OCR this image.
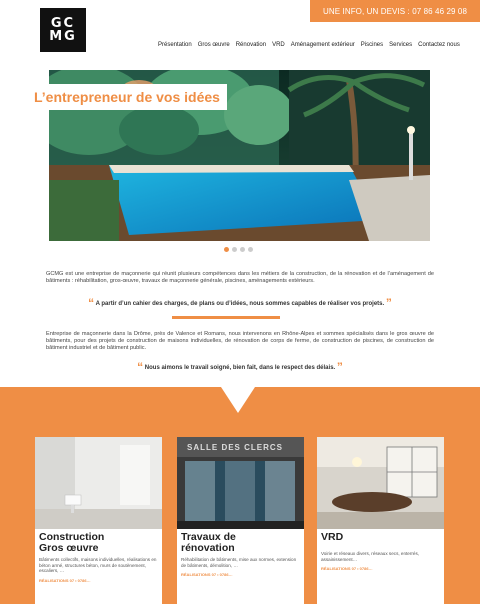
UNE INFO, UN DEVIS : 07 86 46 29 08
GC
MG
Présentation Gros œuvre Rénovation VRD Aménagement extérieur Piscines Services Contactez nous
L’entrepreneur de vos idées

GCMG est une entreprise de maçonnerie qui réunit plusieurs compétences dans les métiers de la construction, de la rénovation et de l’aménagement de bâtiments : réhabilitation, gros-œuvre, travaux de maçonnerie générale, piscines, aménagements extérieurs.

“ A partir d’un cahier des charges, de plans ou d’idées, nous sommes capables de réaliser vos projets. ”

Entreprise de maçonnerie dans la Drôme, près de Valence et Romans, nous intervenons en Rhône-Alpes et sommes spécialisés dans le gros œuvre de bâtiments, pour des projets de construction de maisons individuelles, de rénovation de corps de ferme, de construction de piscines, de construction de bâtiment industriel et de bâtiment public.

“ Nous aimons le travail soigné, bien fait, dans le respect des délais. ”
Construction
Gros œuvre

Bâtiments collectifs, maisons individuelles, réalisations en béton armé, structures béton, murs de soutènement, escaliers, …

RÉALISATIONS 07 • 0786…
SALLE DES CLERCS
Travaux de
rénovation

Réhabilitation de bâtiments, mise aux normes, extension de bâtiments, démolition, …

RÉALISATIONS 07 • 0786…
VRD

Voirie et réseaux divers, réseaux secs, enterrés, assainissement…

RÉALISATIONS 07 • 0786…
